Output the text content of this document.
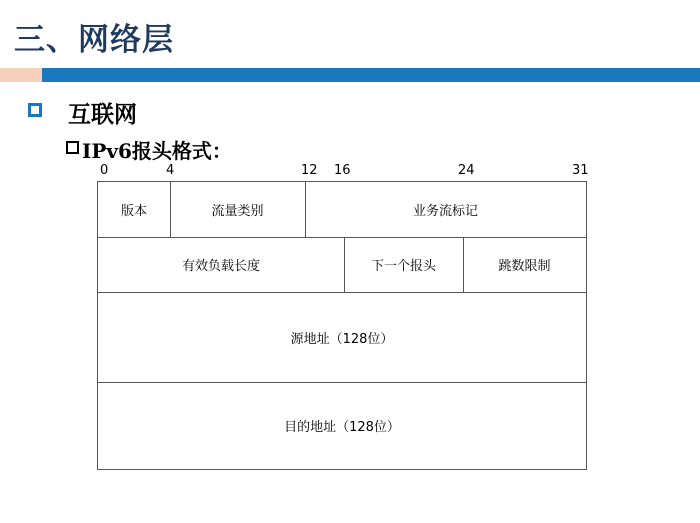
三、网络层
互联网
IPv6报头格式：
0	4	12 16	24	31
版本	流量类别	业务流标记
有效负载长度	下一个报头	跳数限制
源地址（128位）
目的地址（128位）
